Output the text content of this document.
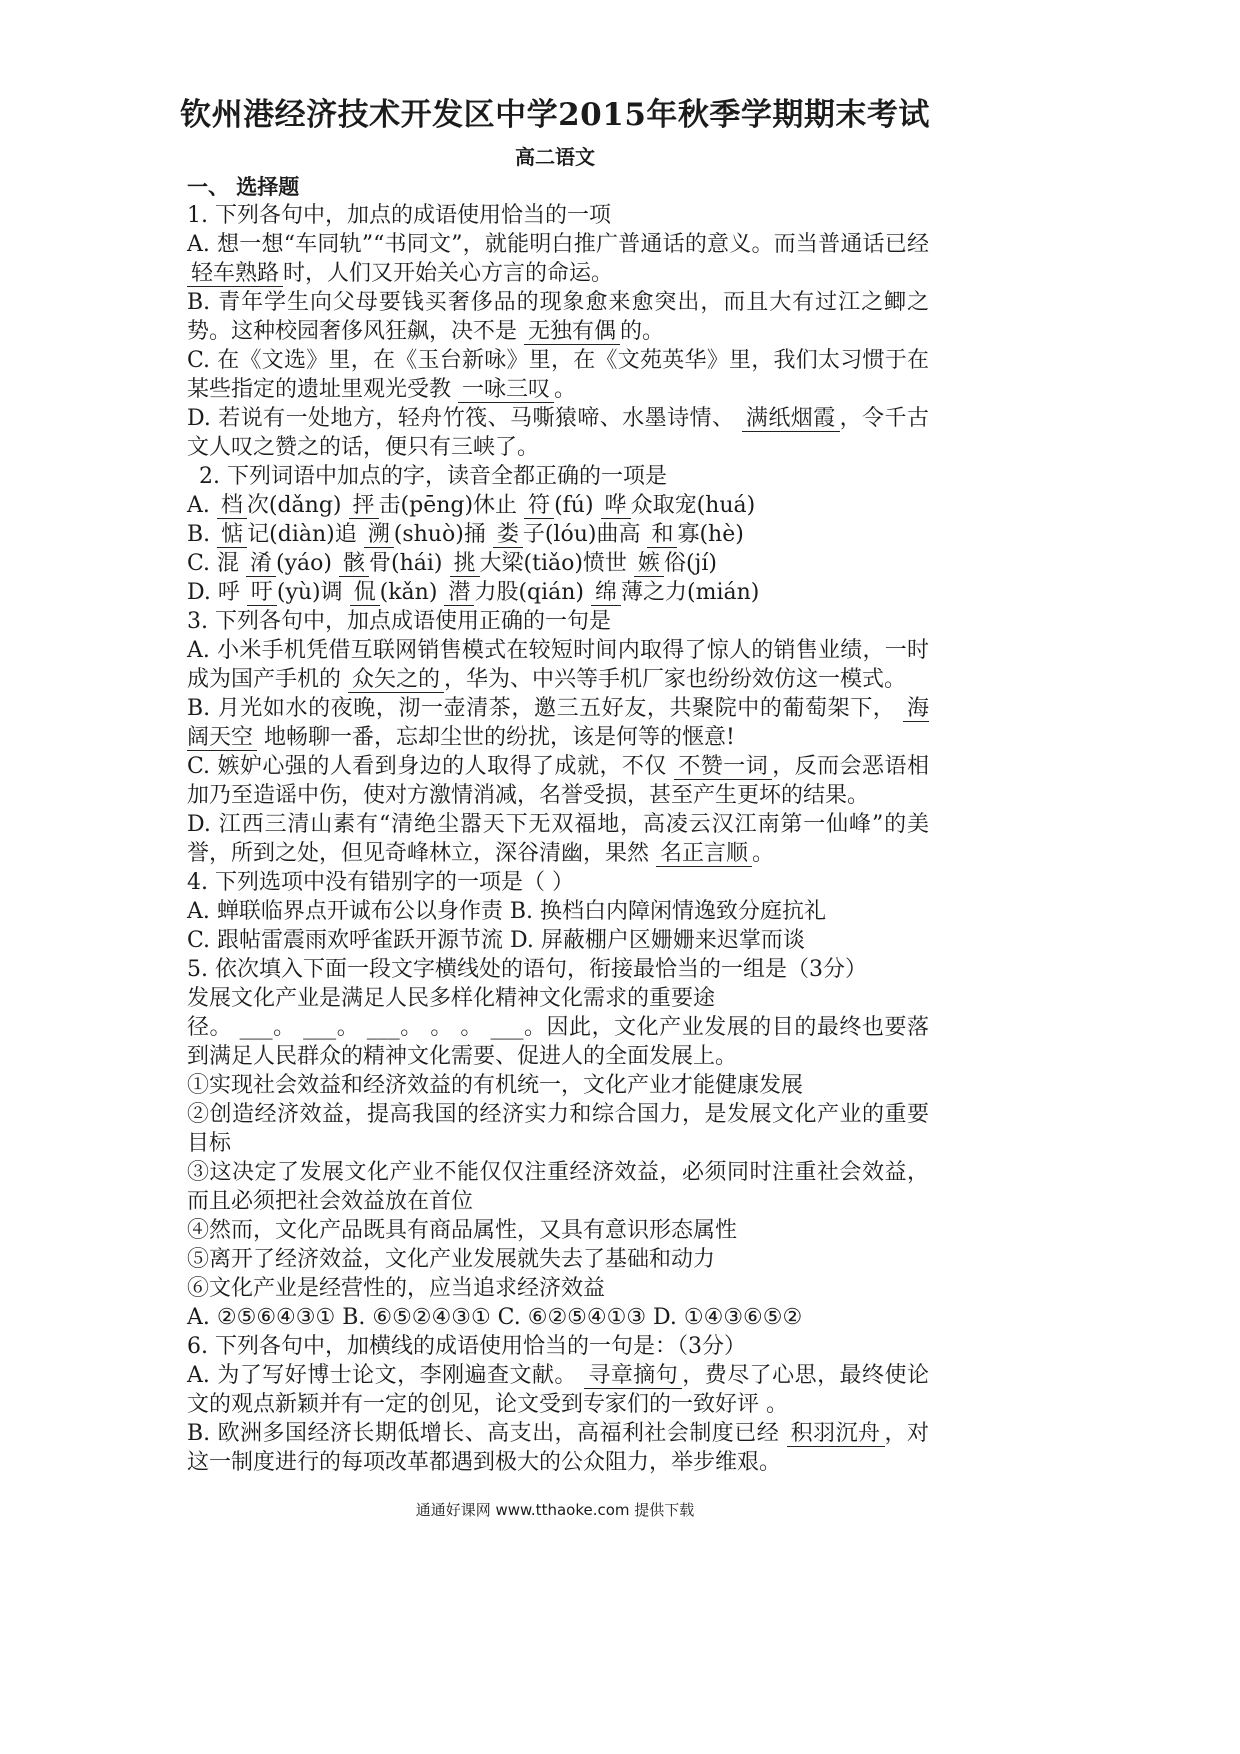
钦州港经济技术开发区中学2015年秋季学期期末考试
高二语文
一、 选择题
1. 下列各句中，加点的成语使用恰当的一项
A. 想一想“车同轨”“书同文”，就能明白推广普通话的意义。而当普通话已经 轻车熟路 时，人们又开始关心方言的命运。
B. 青年学生向父母要钱买奢侈品的现象愈来愈突出，而且大有过江之鲫之势。这种校园奢侈风狂飙，决不是 无独有偶 的。
C. 在《文选》里，在《玉台新咏》里，在《文苑英华》里，我们太习惯于在某些指定的遗址里观光受教 一咏三叹 。
D. 若说有一处地方，轻舟竹筏、马嘶猿啼、水墨诗情、 满纸烟霞 ，令千古文人叹之赞之的话，便只有三峡了。
2. 下列词语中加点的字，读音全都正确的一项是
A. 档 次(dǎng) 抨 击(pēng)休止 符 (fú) 哗 众取宠(huá)
B. 惦 记(diàn)追 溯 (shuò)捅 娄 子(lóu)曲高 和 寡(hè)
C. 混 淆 (yáo) 骸 骨(hái) 挑 大梁(tiǎo)愤世 嫉 俗(jí)
D. 呼 吁 (yù)调 侃 (kǎn) 潜 力股(qián) 绵 薄之力(mián)
3. 下列各句中，加点成语使用正确的一句是
A. 小米手机凭借互联网销售模式在较短时间内取得了惊人的销售业绩，一时成为国产手机的 众矢之的 ，华为、中兴等手机厂家也纷纷效仿这一模式。
B. 月光如水的夜晚，沏一壶清茶，邀三五好友，共聚院中的葡萄架下， 海阔天空 地畅聊一番，忘却尘世的纷扰，该是何等的惬意!
C. 嫉妒心强的人看到身边的人取得了成就，不仅 不赞一词 ，反而会恶语相加乃至造谣中伤，使对方激情消减，名誉受损，甚至产生更坏的结果。
D. 江西三清山素有“清绝尘嚣天下无双福地，高凌云汉江南第一仙峰”的美誉，所到之处，但见奇峰林立，深谷清幽，果然 名正言顺 。
4. 下列选项中没有错别字的一项是（ ）
A. 蝉联临界点开诚布公以身作责 B. 换档白内障闲情逸致分庭抗礼
C. 跟帖雷震雨欢呼雀跃开源节流 D. 屏蔽棚户区姗姗来迟掌而谈
5. 依次填入下面一段文字横线处的语句，衔接最恰当的一组是（3分）
发展文化产业是满足人民多样化精神文化需求的重要途
径。 ___。 ___。 ___。 。 。 ___。因此，文化产业发展的目的最终也要落到满足人民群众的精神文化需要、促进人的全面发展上。
①实现社会效益和经济效益的有机统一，文化产业才能健康发展
②创造经济效益，提高我国的经济实力和综合国力，是发展文化产业的重要目标
③这决定了发展文化产业不能仅仅注重经济效益，必须同时注重社会效益，而且必须把社会效益放在首位
④然而，文化产品既具有商品属性，又具有意识形态属性
⑤离开了经济效益，文化产业发展就失去了基础和动力
⑥文化产业是经营性的，应当追求经济效益
A. ②⑤⑥④③① B. ⑥⑤②④③① C. ⑥②⑤④①③ D. ①④③⑥⑤②
6. 下列各句中，加横线的成语使用恰当的一句是：（3分）
A. 为了写好博士论文，李刚遍查文献。 寻章摘句 ，费尽了心思，最终使论文的观点新颖并有一定的创见，论文受到专家们的一致好评 。
B. 欧洲多国经济长期低增长、高支出，高福利社会制度已经 积羽沉舟 ，对这一制度进行的每项改革都遇到极大的公众阻力，举步维艰。
通通好课网 www.tthaoke.com 提供下载
